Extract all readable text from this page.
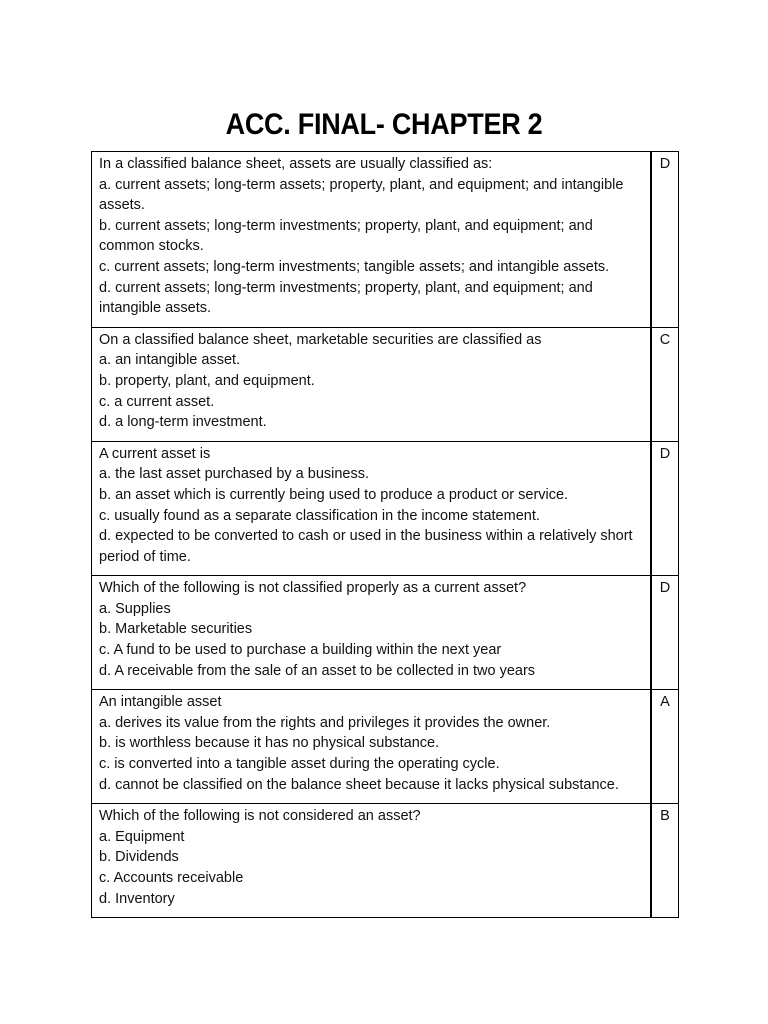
ACC. FINAL- CHAPTER 2
In a classified balance sheet, assets are usually classified as:
a. current assets; long-term assets; property, plant, and equipment; and intangible assets.
b. current assets; long-term investments; property, plant, and equipment; and common stocks.
c. current assets; long-term investments; tangible assets; and intangible assets.
d. current assets; long-term investments; property, plant, and equipment; and intangible assets.	D

On a classified balance sheet, marketable securities are classified as
a. an intangible asset.
b. property, plant, and equipment.
c. a current asset.
d. a long-term investment.	C

A current asset is
a. the last asset purchased by a business.
b. an asset which is currently being used to produce a product or service.
c. usually found as a separate classification in the income statement.
d. expected to be converted to cash or used in the business within a relatively short period of time.	D

Which of the following is not classified properly as a current asset?
a. Supplies
b. Marketable securities
c. A fund to be used to purchase a building within the next year
d. A receivable from the sale of an asset to be collected in two years	D

An intangible asset
a. derives its value from the rights and privileges it provides the owner.
b. is worthless because it has no physical substance.
c. is converted into a tangible asset during the operating cycle.
d. cannot be classified on the balance sheet because it lacks physical substance.	A

Which of the following is not considered an asset?
a. Equipment
b. Dividends
c. Accounts receivable
d. Inventory	B
